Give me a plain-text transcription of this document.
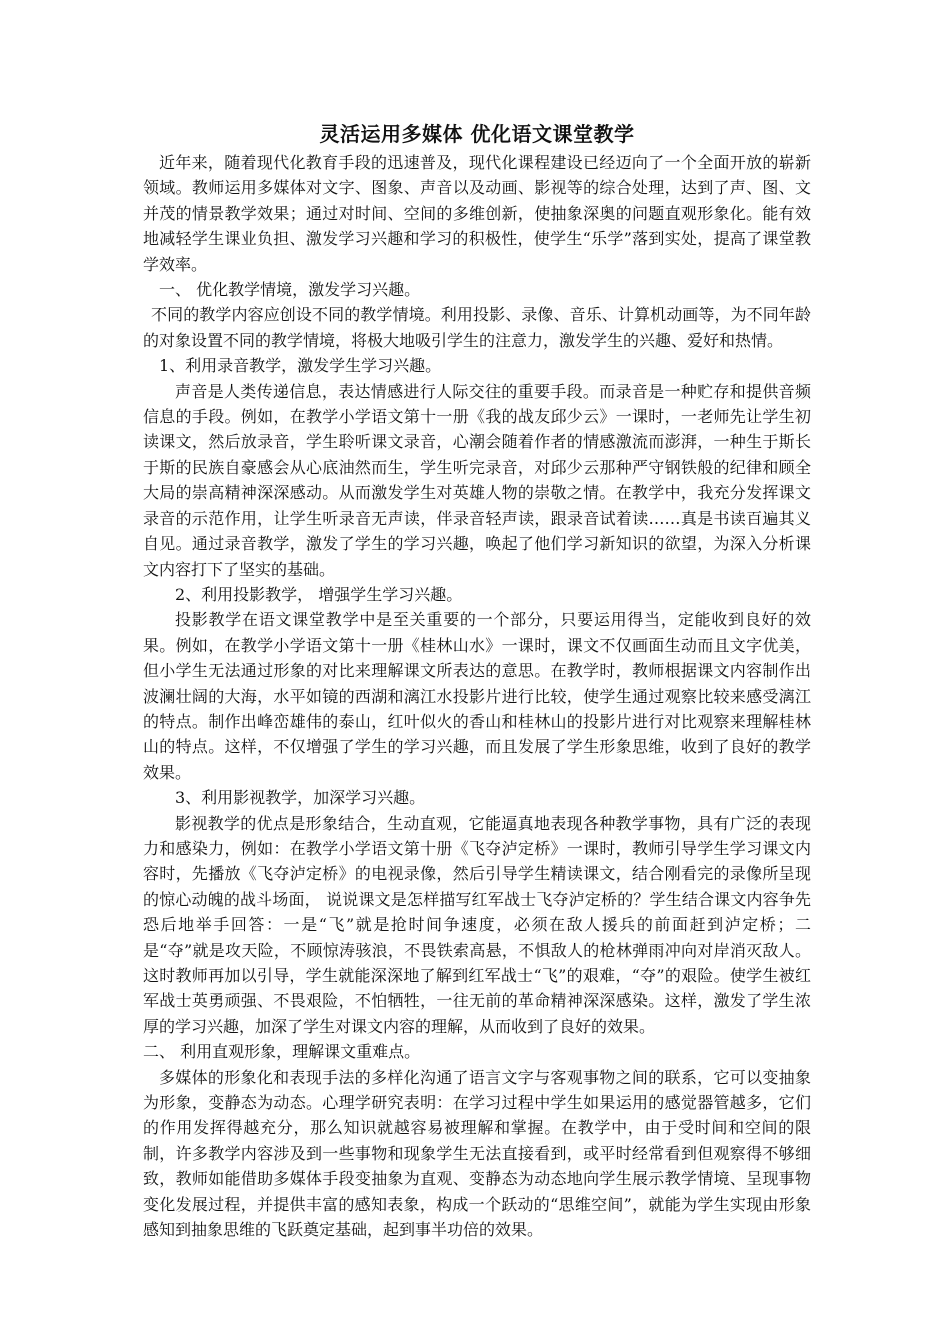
灵活运用多媒体 优化语文课堂教学

近年来，随着现代化教育手段的迅速普及，现代化课程建设已经迈向了一个全面开放的崭新领域。教师运用多媒体对文字、图象、声音以及动画、影视等的综合处理，达到了声、图、文并茂的情景教学效果；通过对时间、空间的多维创新，使抽象深奥的问题直观形象化。能有效地减轻学生课业负担、激发学习兴趣和学习的积极性，使学生“乐学”落到实处，提高了课堂教学效率。

一、 优化教学情境，激发学习兴趣。

不同的教学内容应创设不同的教学情境。利用投影、录像、音乐、计算机动画等，为不同年龄的对象设置不同的教学情境，将极大地吸引学生的注意力，激发学生的兴趣、爱好和热情。

1、利用录音教学，激发学生学习兴趣。

声音是人类传递信息，表达情感进行人际交往的重要手段。而录音是一种贮存和提供音频信息的手段。例如，在教学小学语文第十一册《我的战友邱少云》一课时，一老师先让学生初读课文，然后放录音，学生聆听课文录音，心潮会随着作者的情感激流而澎湃，一种生于斯长于斯的民族自豪感会从心底油然而生，学生听完录音，对邱少云那种严守钢铁般的纪律和顾全大局的崇高精神深深感动。从而激发学生对英雄人物的崇敬之情。在教学中，我充分发挥课文录音的示范作用，让学生听录音无声读，伴录音轻声读，跟录音试着读……真是书读百遍其义自见。通过录音教学，激发了学生的学习兴趣，唤起了他们学习新知识的欲望，为深入分析课文内容打下了坚实的基础。

2、利用投影教学， 增强学生学习兴趣。

投影教学在语文课堂教学中是至关重要的一个部分，只要运用得当，定能收到良好的效果。例如，在教学小学语文第十一册《桂林山水》一课时，课文不仅画面生动而且文字优美，但小学生无法通过形象的对比来理解课文所表达的意思。在教学时，教师根据课文内容制作出波澜壮阔的大海，水平如镜的西湖和漓江水投影片进行比较，使学生通过观察比较来感受漓江的特点。制作出峰峦雄伟的泰山，红叶似火的香山和桂林山的投影片进行对比观察来理解桂林山的特点。这样，不仅增强了学生的学习兴趣，而且发展了学生形象思维，收到了良好的教学效果。

3、利用影视教学，加深学习兴趣。

影视教学的优点是形象结合，生动直观，它能逼真地表现各种教学事物，具有广泛的表现力和感染力，例如：在教学小学语文第十册《飞夺泸定桥》一课时，教师引导学生学习课文内容时，先播放《飞夺泸定桥》的电视录像，然后引导学生精读课文，结合刚看完的录像所呈现的惊心动魄的战斗场面， 说说课文是怎样描写红军战士飞夺泸定桥的？学生结合课文内容争先恐后地举手回答：一是“飞”就是抢时间争速度，必须在敌人援兵的前面赶到泸定桥；二是“夺”就是攻天险，不顾惊涛骇浪，不畏铁索高悬，不惧敌人的枪林弹雨冲向对岸消灭敌人。这时教师再加以引导，学生就能深深地了解到红军战士“飞”的艰难，“夺”的艰险。使学生被红军战士英勇顽强、不畏艰险，不怕牺牲，一往无前的革命精神深深感染。这样，激发了学生浓厚的学习兴趣，加深了学生对课文内容的理解，从而收到了良好的效果。

二、 利用直观形象，理解课文重难点。

多媒体的形象化和表现手法的多样化沟通了语言文字与客观事物之间的联系，它可以变抽象为形象，变静态为动态。心理学研究表明：在学习过程中学生如果运用的感觉器管越多，它们的作用发挥得越充分，那么知识就越容易被理解和掌握。在教学中，由于受时间和空间的限制，许多教学内容涉及到一些事物和现象学生无法直接看到，或平时经常看到但观察得不够细致，教师如能借助多媒体手段变抽象为直观、变静态为动态地向学生展示教学情境、呈现事物变化发展过程，并提供丰富的感知表象，构成一个跃动的“思维空间”，就能为学生实现由形象感知到抽象思维的飞跃奠定基础，起到事半功倍的效果。
